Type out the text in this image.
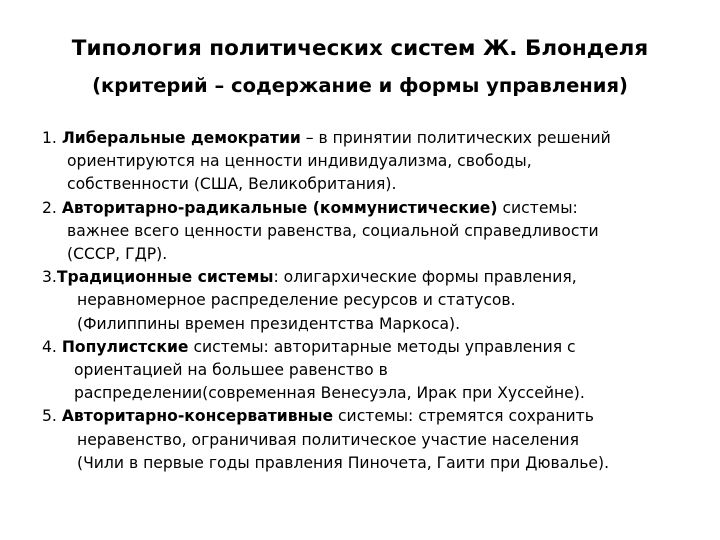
Типология политических систем Ж. Блонделя
(критерий – содержание и формы управления)
1. Либеральные демократии – в принятии политических решений
ориентируются на ценности индивидуализма, свободы,
собственности (США, Великобритания).
2. Авторитарно-радикальные (коммунистические) системы:
важнее всего ценности равенства, социальной справедливости
(СССР, ГДР).
3.Традиционные системы: олигархические формы правления,
неравномерное распределение ресурсов и статусов.
(Филиппины времен президентства Маркоса).
4. Популистские системы: авторитарные методы управления с
ориентацией на большее равенство в
распределении(современная Венесуэла, Ирак при Хуссейне).
5. Авторитарно-консервативные системы: стремятся сохранить
неравенство, ограничивая политическое участие населения
(Чили в первые годы правления Пиночета, Гаити при Дювалье).
